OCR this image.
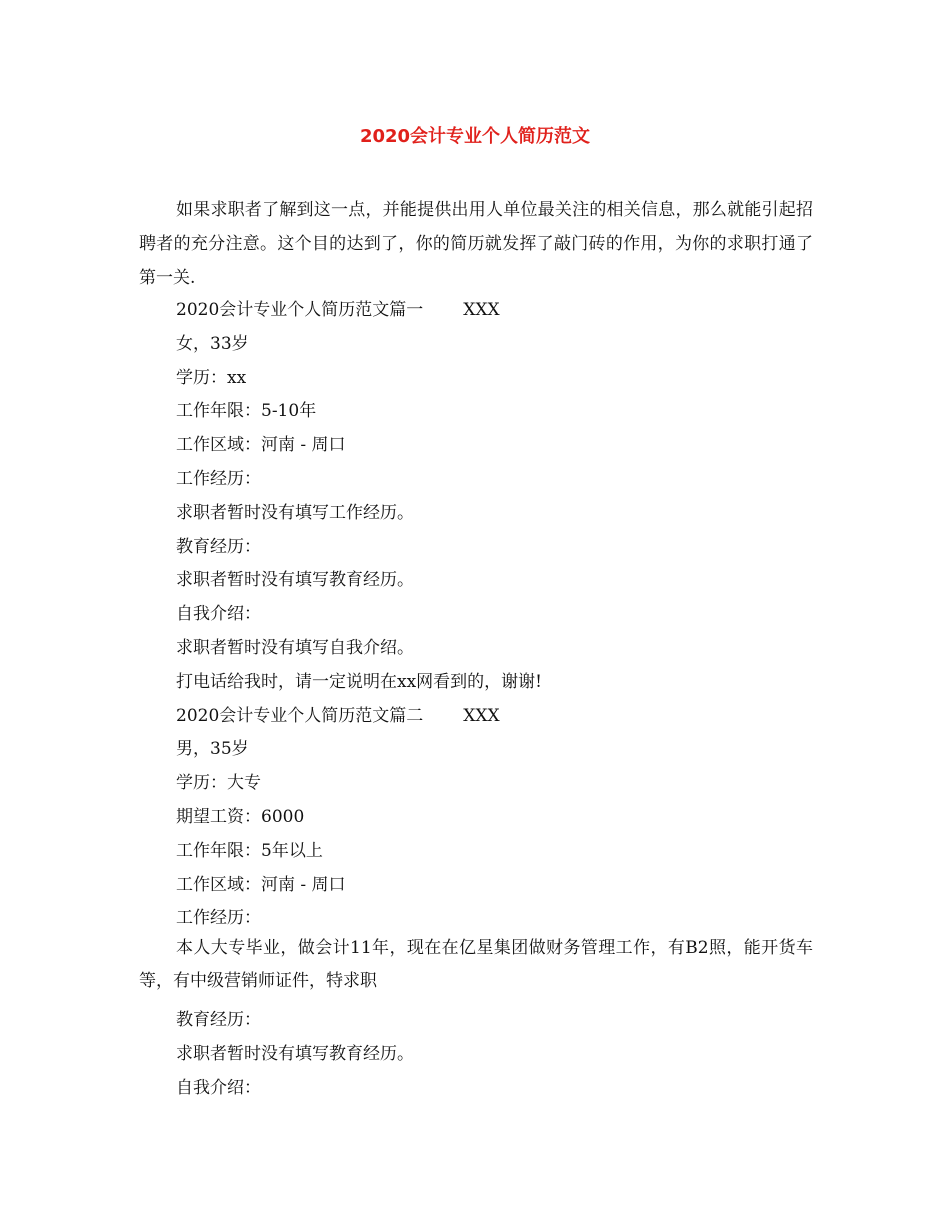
2020会计专业个人简历范文

如果求职者了解到这一点，并能提供出用人单位最关注的相关信息，那么就能引起招聘者的充分注意。这个目的达到了，你的简历就发挥了敲门砖的作用，为你的求职打通了第一关.

2020会计专业个人简历范文篇一 XXX
女，33岁
学历：xx
工作年限：5-10年
工作区域：河南 - 周口
工作经历：
求职者暂时没有填写工作经历。
教育经历：
求职者暂时没有填写教育经历。
自我介绍：
求职者暂时没有填写自我介绍。
打电话给我时，请一定说明在xx网看到的，谢谢!
2020会计专业个人简历范文篇二 XXX
男，35岁
学历：大专
期望工资：6000
工作年限：5年以上
工作区域：河南 - 周口
工作经历：

本人大专毕业，做会计11年，现在在亿星集团做财务管理工作，有B2照，能开货车等，有中级营销师证件，特求职

教育经历：
求职者暂时没有填写教育经历。
自我介绍：
